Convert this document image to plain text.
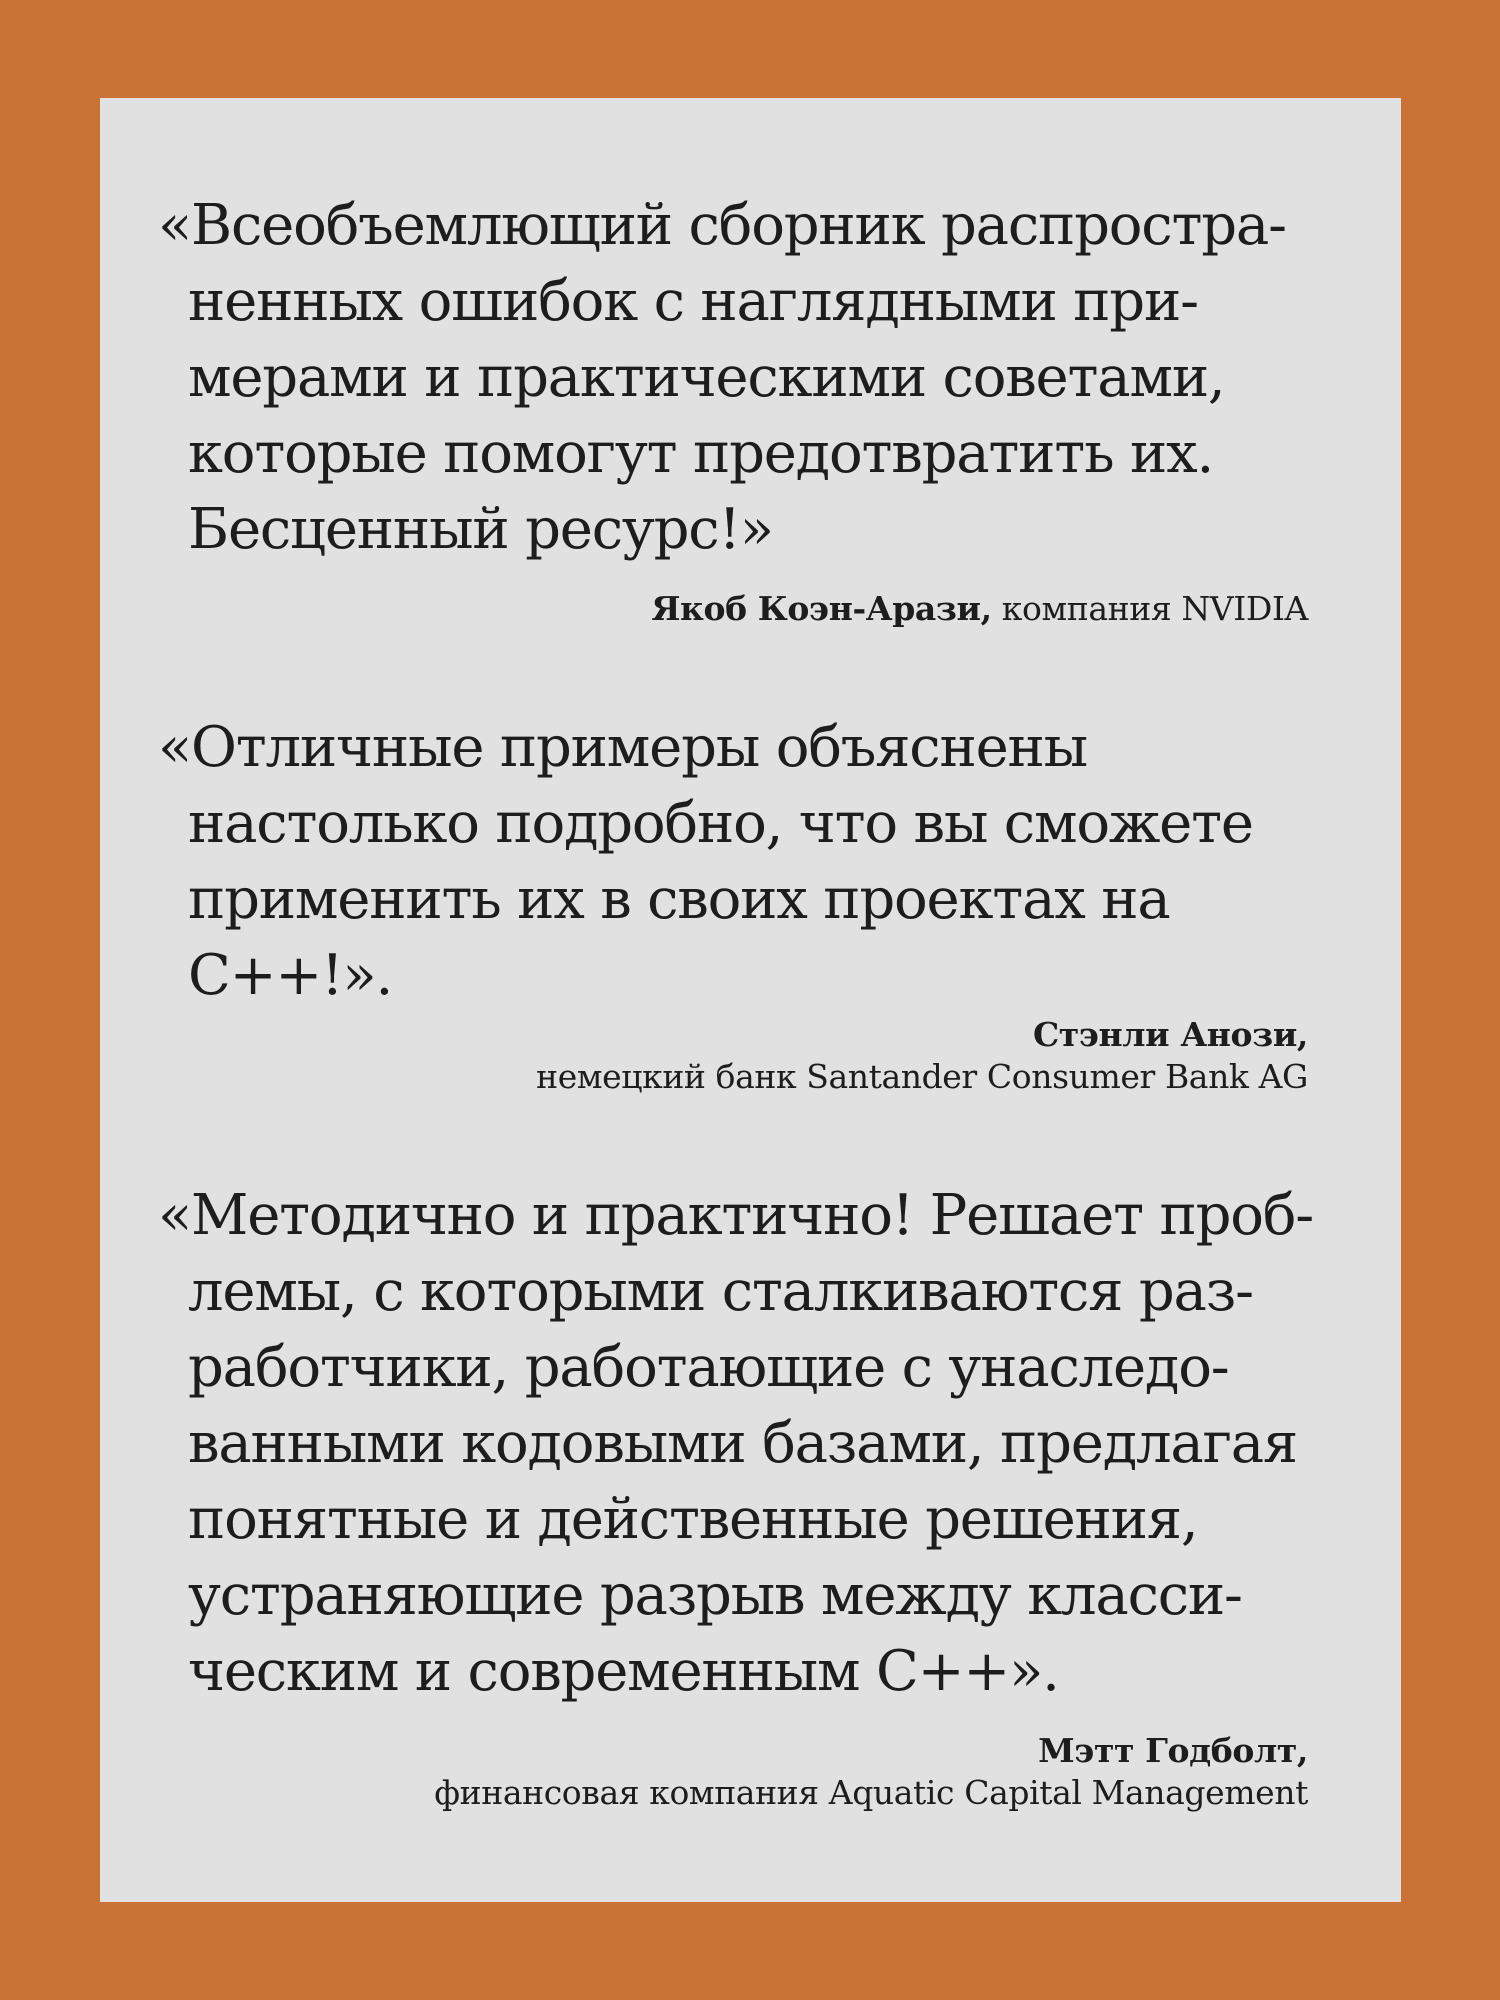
«Всеобъемлющий сборник распростра-
ненных ошибок с наглядными при-
мерами и практическими советами,
которые помогут предотвратить их.
Бесценный ресурс!»

Якоб Коэн-Арази, компания NVIDIA

«Отличные примеры объяснены
настолько подробно, что вы сможете
применить их в своих проектах на
C++!».

Стэнли Анози,
немецкий банк Santander Consumer Bank AG

«Методично и практично! Решает проб-
лемы, с которыми сталкиваются раз-
работчики, работающие с унаследо-
ванными кодовыми базами, предлагая
понятные и действенные решения,
устраняющие разрыв между класси-
ческим и современным C++».

Мэтт Годболт,
финансовая компания Aquatic Capital Management
